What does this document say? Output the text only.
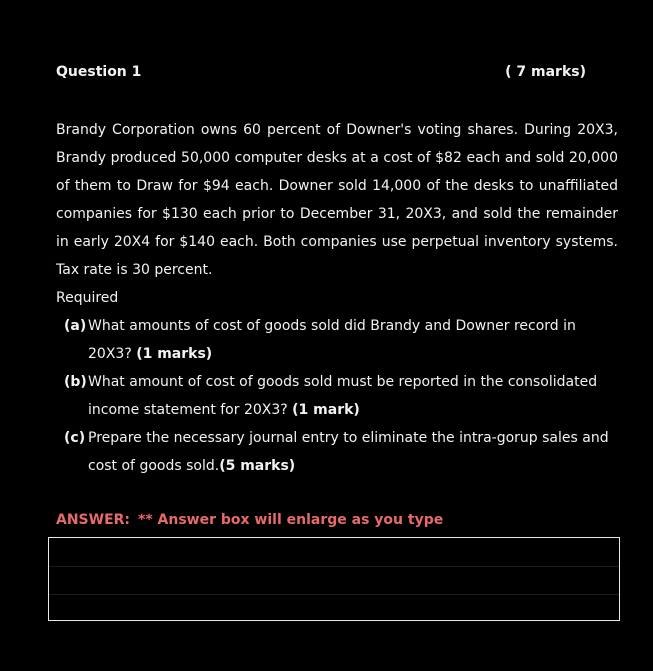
Question 1	( 7 marks)
Brandy Corporation owns 60 percent of Downer's voting shares. During 20X3, Brandy produced 50,000 computer desks at a cost of $82 each and sold 20,000 of them to Draw for $94 each. Downer sold 14,000 of the desks to unaffiliated companies for $130 each prior to December 31, 20X3, and sold the remainder in early 20X4 for $140 each. Both companies use perpetual inventory systems. Tax rate is 30 percent.
Required
(a) What amounts of cost of goods sold did Brandy and Downer record in 20X3? (1 marks)
(b) What amount of cost of goods sold must be reported in the consolidated income statement for 20X3? (1 mark)
(c) Prepare the necessary journal entry to eliminate the intra-gorup sales and cost of goods sold.(5 marks)
ANSWER: ** Answer box will enlarge as you type
